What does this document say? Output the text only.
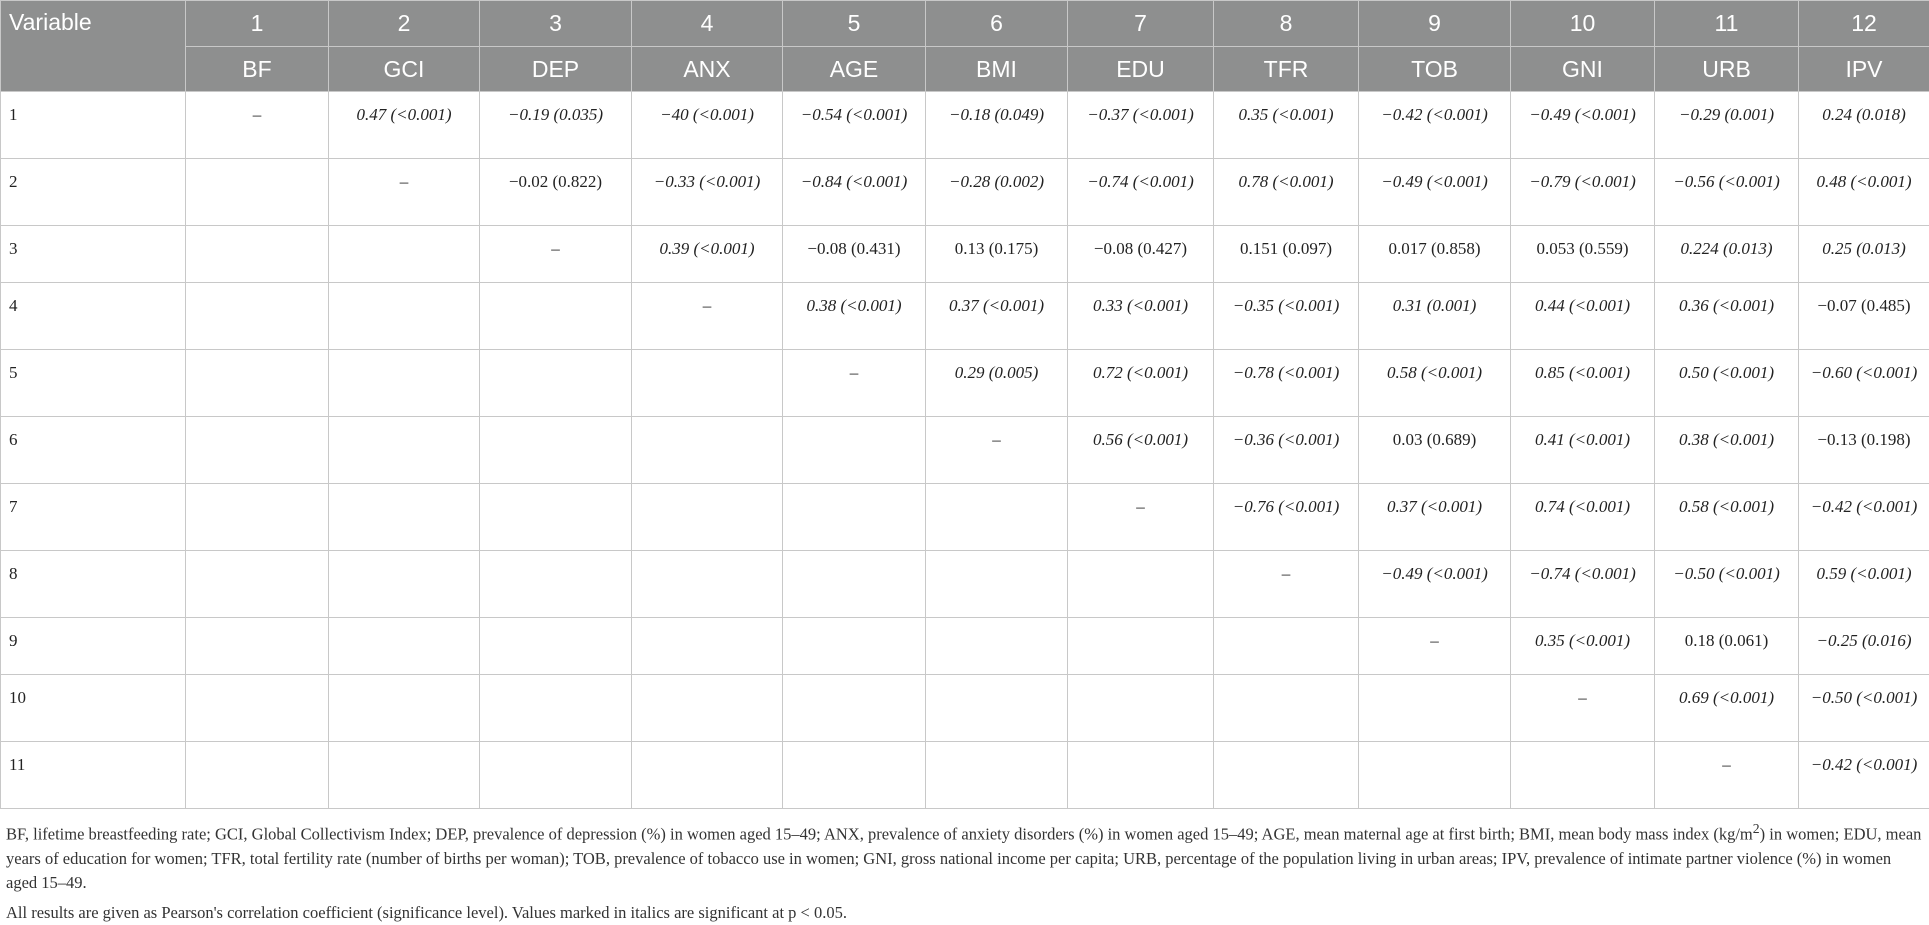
Variable	1	2	3	4	5	6	7	8	9	10	11	12
	BF	GCI	DEP	ANX	AGE	BMI	EDU	TFR	TOB	GNI	URB	IPV
1	–	0.47 (<0.001)	−0.19 (0.035)	−40 (<0.001)	−0.54 (<0.001)	−0.18 (0.049)	−0.37 (<0.001)	0.35 (<0.001)	−0.42 (<0.001)	−0.49 (<0.001)	−0.29 (0.001)	0.24 (0.018)
2		–	−0.02 (0.822)	−0.33 (<0.001)	−0.84 (<0.001)	−0.28 (0.002)	−0.74 (<0.001)	0.78 (<0.001)	−0.49 (<0.001)	−0.79 (<0.001)	−0.56 (<0.001)	0.48 (<0.001)
3			–	0.39 (<0.001)	−0.08 (0.431)	0.13 (0.175)	−0.08 (0.427)	0.151 (0.097)	0.017 (0.858)	0.053 (0.559)	0.224 (0.013)	0.25 (0.013)
4				–	0.38 (<0.001)	0.37 (<0.001)	0.33 (<0.001)	−0.35 (<0.001)	0.31 (0.001)	0.44 (<0.001)	0.36 (<0.001)	−0.07 (0.485)
5					–	0.29 (0.005)	0.72 (<0.001)	−0.78 (<0.001)	0.58 (<0.001)	0.85 (<0.001)	0.50 (<0.001)	−0.60 (<0.001)
6						–	0.56 (<0.001)	−0.36 (<0.001)	0.03 (0.689)	0.41 (<0.001)	0.38 (<0.001)	−0.13 (0.198)
7							–	−0.76 (<0.001)	0.37 (<0.001)	0.74 (<0.001)	0.58 (<0.001)	−0.42 (<0.001)
8								–	−0.49 (<0.001)	−0.74 (<0.001)	−0.50 (<0.001)	0.59 (<0.001)
9									–	0.35 (<0.001)	0.18 (0.061)	−0.25 (0.016)
10										–	0.69 (<0.001)	−0.50 (<0.001)
11											–	−0.42 (<0.001)

BF, lifetime breastfeeding rate; GCI, Global Collectivism Index; DEP, prevalence of depression (%) in women aged 15–49; ANX, prevalence of anxiety disorders (%) in women aged 15–49; AGE, mean maternal age at first birth; BMI, mean body mass index $(kg/m^2)$ in women; EDU, mean years of education for women; TFR, total fertility rate (number of births per woman); TOB, prevalence of tobacco use in women; GNI, gross national income per capita; URB, percentage of the population living in urban areas; IPV, prevalence of intimate partner violence (%) in women aged 15–49.

All results are given as Pearson's correlation coefficient (significance level). Values marked in italics are significant at p < 0.05.
